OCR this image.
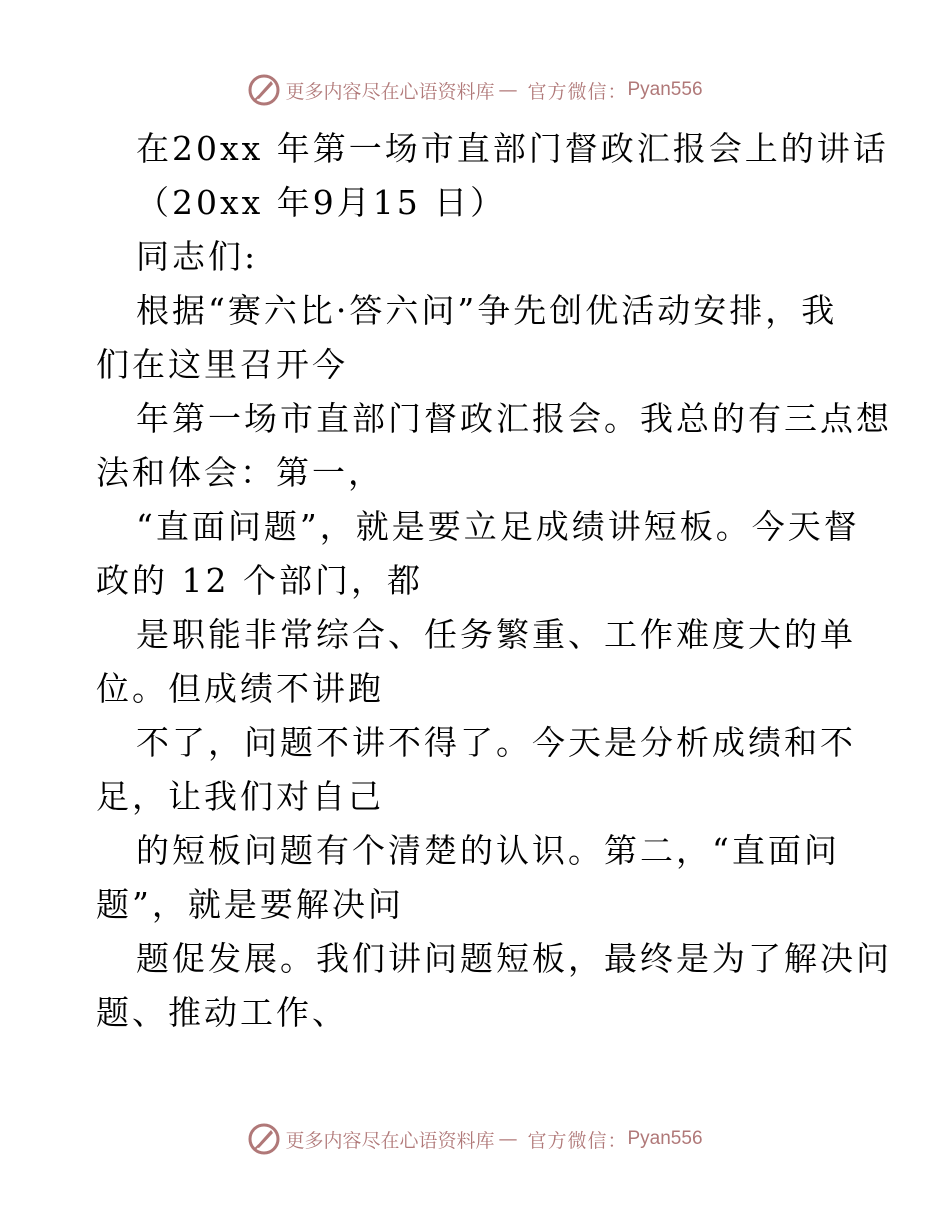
更多内容尽在心语资料库 — 官方微信： Pyan556
在20xx 年第一场市直部门督政汇报会上的讲话
（20xx 年9月15 日）
同志们:
根据“赛六比·答六问”争先创优活动安排，我
们在这里召开今
年第一场市直部门督政汇报会。我总的有三点想
法和体会：第一，
“直面问题”，就是要立足成绩讲短板。今天督
政的 12 个部门，都
是职能非常综合、任务繁重、工作难度大的单
位。但成绩不讲跑
不了，问题不讲不得了。今天是分析成绩和不
足，让我们对自己
的短板问题有个清楚的认识。第二，“直面问
题”，就是要解决问
题促发展。我们讲问题短板，最终是为了解决问
题、推动工作、
更多内容尽在心语资料库 — 官方微信： Pyan556
